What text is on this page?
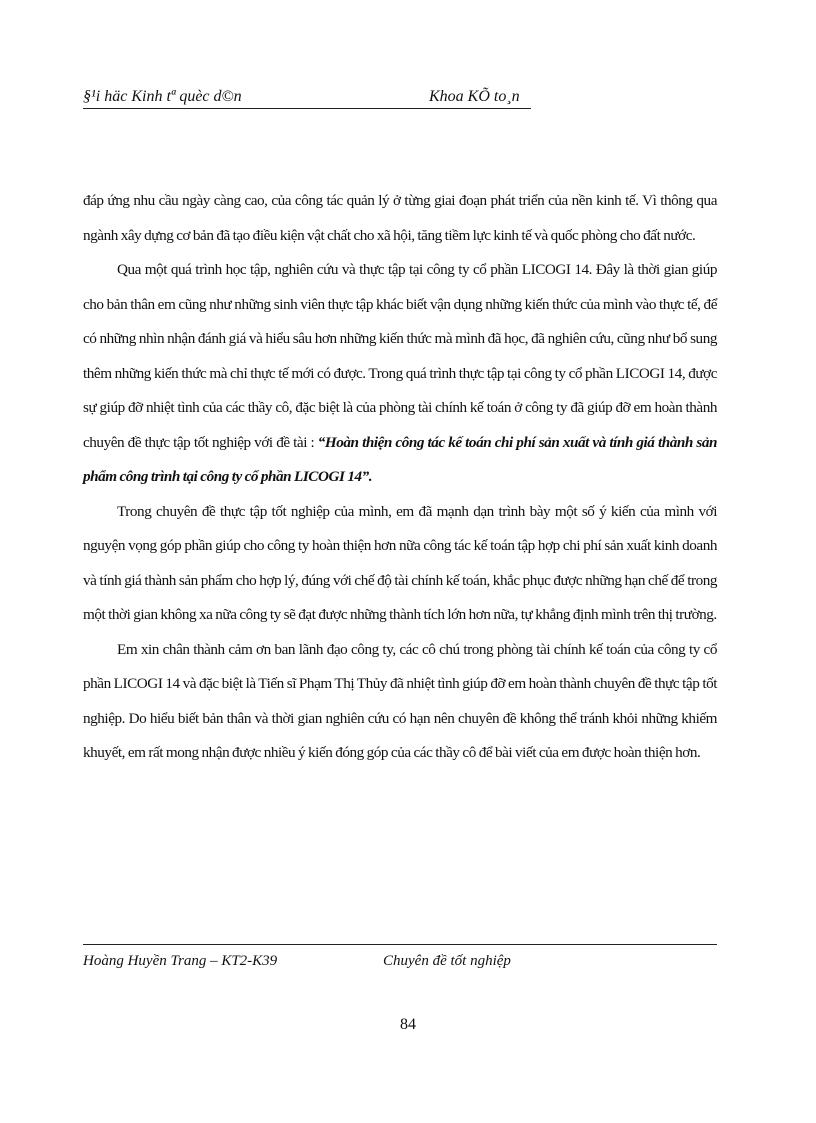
§¹i häc Kinh tª quèc d©n	Khoa KÕ to¸n

đáp ứng nhu cầu ngày càng cao, của công tác quản lý ở từng giai đoạn phát triển của nền kinh tế. Vì thông qua ngành xây dựng cơ bản đã tạo điều kiện vật chất cho xã hội, tăng tiềm lực kinh tế và quốc phòng cho đất nước.

Qua một quá trình học tập, nghiên cứu và thực tập tại công ty cổ phần LICOGI 14. Đây là thời gian giúp cho bản thân em cũng như những sinh viên thực tập khác biết vận dụng những kiến thức của mình vào thực tế, để có những nhìn nhận đánh giá và hiểu sâu hơn những kiến thức mà mình đã học, đã nghiên cứu, cũng như bổ sung thêm những kiến thức mà chỉ thực tế mới có được. Trong quá trình thực tập tại công ty cổ phần LICOGI 14, được sự giúp đỡ nhiệt tình của các thầy cô, đặc biệt là của phòng tài chính kế toán ở công ty đã giúp đỡ em hoàn thành chuyên đề thực tập tốt nghiệp với đề tài : “Hoàn thiện công tác kế toán chi phí sản xuất và tính giá thành sản phẩm công trình tại công ty cổ phần LICOGI 14”.

Trong chuyên đề thực tập tốt nghiệp của mình, em đã mạnh dạn trình bày một số ý kiến của mình với nguyện vọng góp phần giúp cho công ty hoàn thiện hơn nữa công tác kế toán tập hợp chi phí sản xuất kinh doanh và tính giá thành sản phẩm cho hợp lý, đúng với chế độ tài chính kế toán, khắc phục được những hạn chế để trong một thời gian không xa nữa công ty sẽ đạt được những thành tích lớn hơn nữa, tự khẳng định mình trên thị trường.

Em xin chân thành cảm ơn ban lãnh đạo công ty, các cô chú trong phòng tài chính kế toán của công ty cổ phần LICOGI 14 và đặc biệt là Tiến sĩ Phạm Thị Thủy đã nhiệt tình giúp đỡ em hoàn thành chuyên đề thực tập tốt nghiệp. Do hiểu biết bản thân và thời gian nghiên cứu có hạn nên chuyên đề không thể tránh khỏi những khiếm khuyết, em rất mong nhận được nhiều ý kiến đóng góp của các thầy cô để bài viết của em được hoàn thiện hơn.

Hoàng Huyền Trang – KT2-K39	Chuyên đề tốt nghiệp
84
